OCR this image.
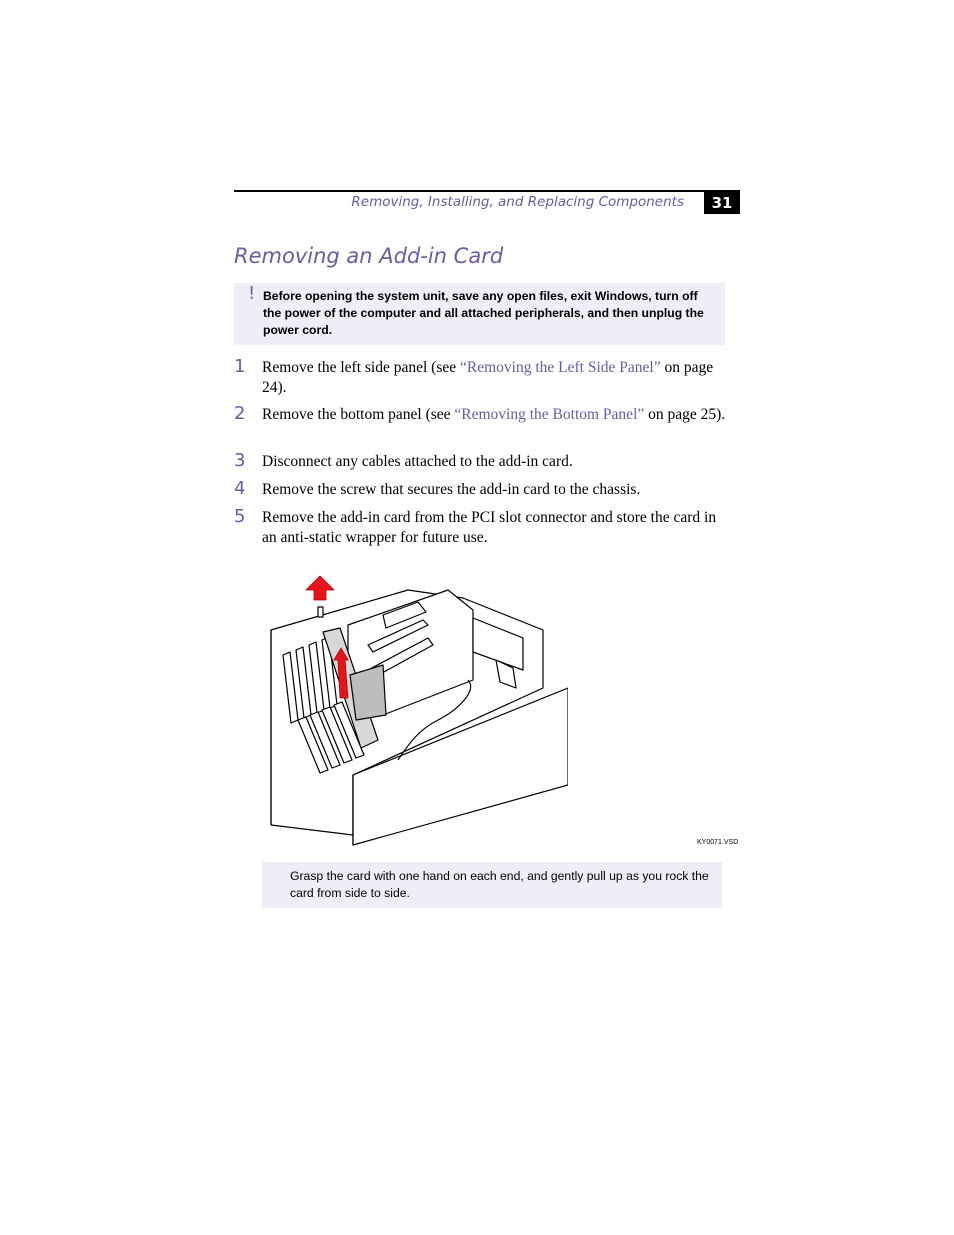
Removing, Installing, and Replacing Components	31
Removing an Add-in Card
! Before opening the system unit, save any open files, exit Windows, turn off the power of the computer and all attached peripherals, and then unplug the power cord.
1 Remove the left side panel (see “Removing the Left Side Panel” on page 24).
2 Remove the bottom panel (see “Removing the Bottom Panel” on page 25).
3 Disconnect any cables attached to the add-in card.
4 Remove the screw that secures the add-in card to the chassis.
5 Remove the add-in card from the PCI slot connector and store the card in an anti-static wrapper for future use.
KY0071.VSD
Grasp the card with one hand on each end, and gently pull up as you rock the card from side to side.
